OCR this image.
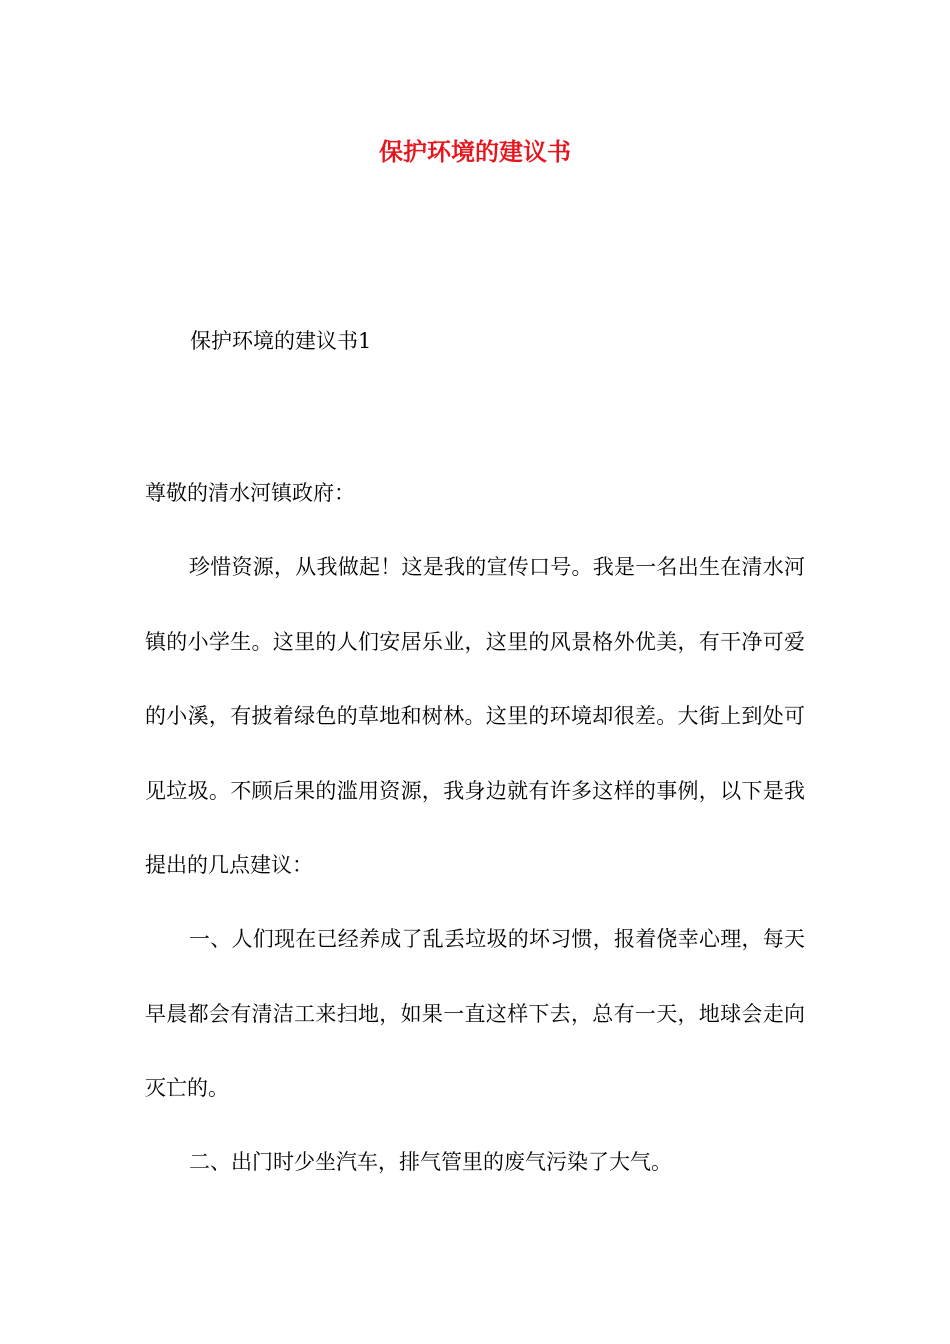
保护环境的建议书
保护环境的建议书1
尊敬的清水河镇政府：

珍惜资源，从我做起！这是我的宣传口号。我是一名出生在清水河镇的小学生。这里的人们安居乐业，这里的风景格外优美，有干净可爱的小溪，有披着绿色的草地和树林。这里的环境却很差。大街上到处可见垃圾。不顾后果的滥用资源，我身边就有许多这样的事例，以下是我提出的几点建议：

一、人们现在已经养成了乱丢垃圾的坏习惯，报着侥幸心理，每天早晨都会有清洁工来扫地，如果一直这样下去，总有一天，地球会走向灭亡的。

二、出门时少坐汽车，排气管里的废气污染了大气。
